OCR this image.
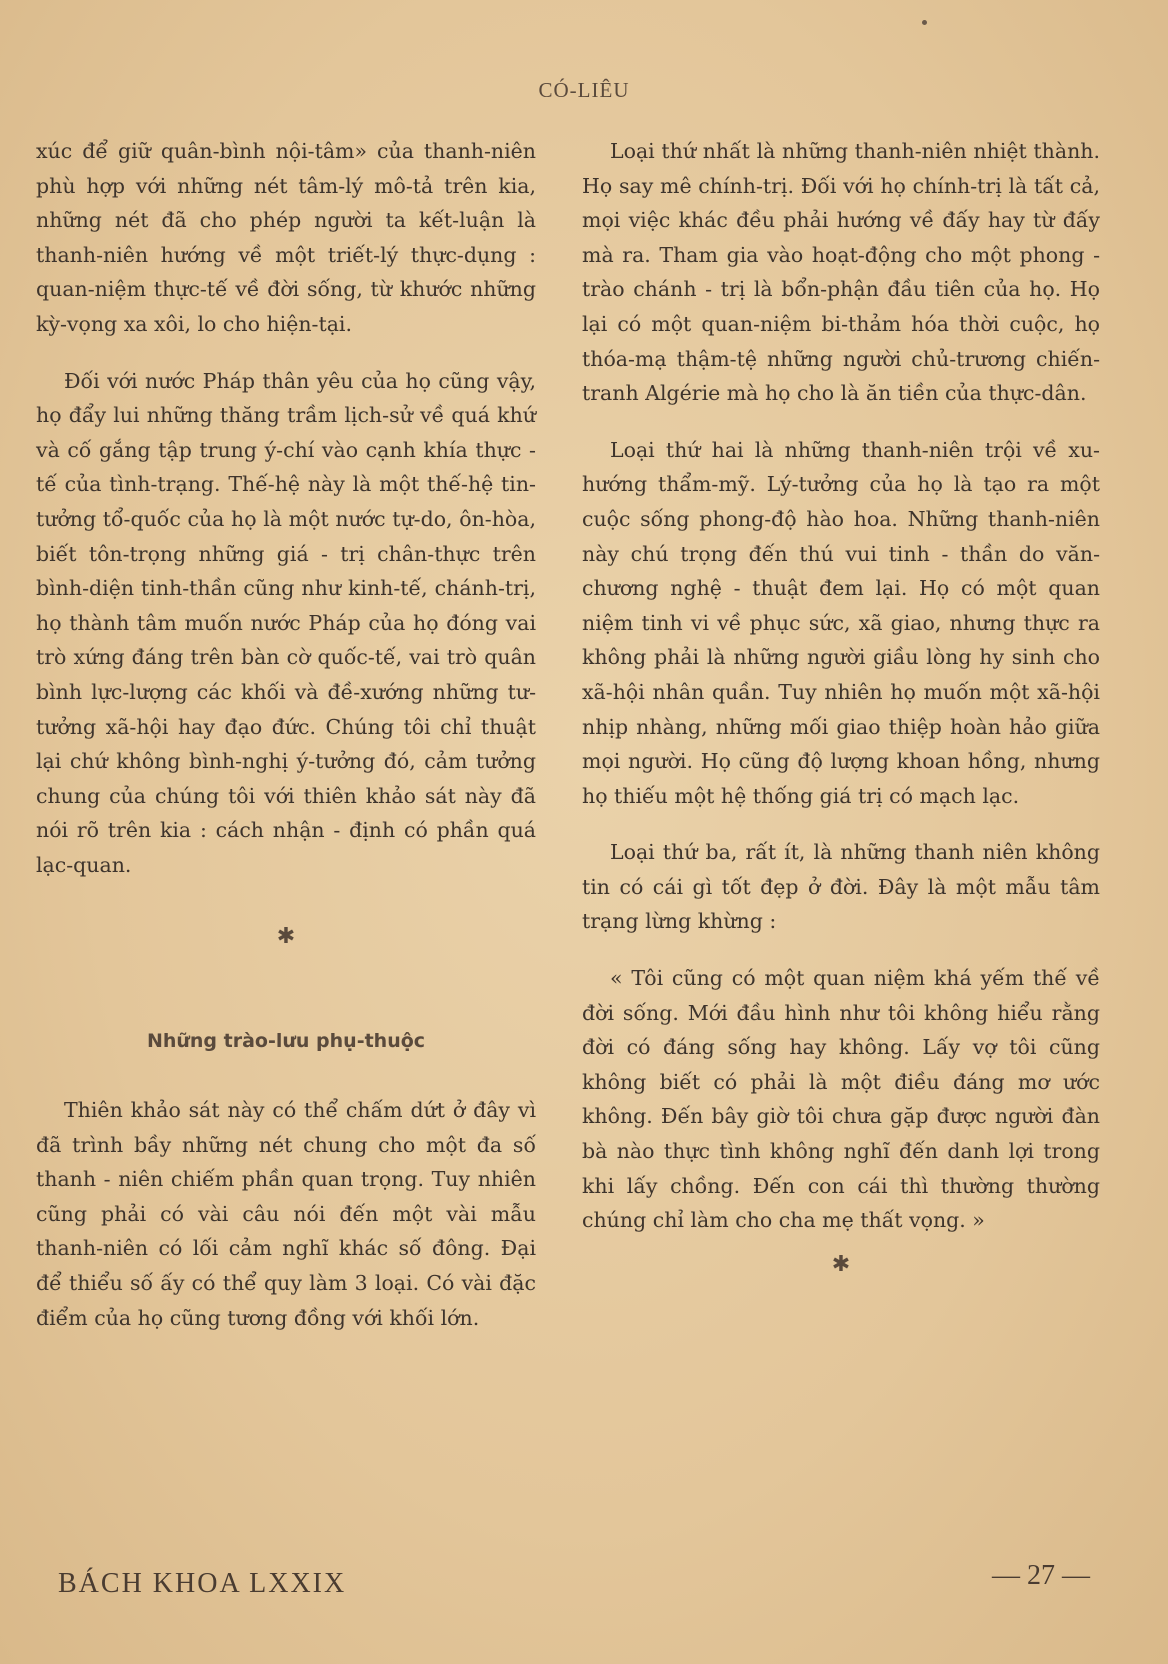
CÓ-LIÊU

xúc để giữ quân-bình nội-tâm» của thanh-niên phù hợp với những nét tâm-lý mô-tả trên kia, những nét đã cho phép người ta kết-luận là thanh-niên hướng về một triết-lý thực-dụng : quan-niệm thực-tế về đời sống, từ khước những kỳ-vọng xa xôi, lo cho hiện-tại.

Đối với nước Pháp thân yêu của họ cũng vậy, họ đẩy lui những thăng trầm lịch-sử về quá khứ và cố gắng tập trung ý-chí vào cạnh khía thực - tế của tình-trạng. Thế-hệ này là một thế-hệ tin-tưởng tổ-quốc của họ là một nước tự-do, ôn-hòa, biết tôn-trọng những giá - trị chân-thực trên bình-diện tinh-thần cũng như kinh-tế, chánh-trị, họ thành tâm muốn nước Pháp của họ đóng vai trò xứng đáng trên bàn cờ quốc-tế, vai trò quân bình lực-lượng các khối và đề-xướng những tư-tưởng xã-hội hay đạo đức. Chúng tôi chỉ thuật lại chứ không bình-nghị ý-tưởng đó, cảm tưởng chung của chúng tôi với thiên khảo sát này đã nói rõ trên kia : cách nhận - định có phần quá lạc-quan.

✱

Những trào-lưu phụ-thuộc

Thiên khảo sát này có thể chấm dứt ở đây vì đã trình bầy những nét chung cho một đa số thanh - niên chiếm phần quan trọng. Tuy nhiên cũng phải có vài câu nói đến một vài mẫu thanh-niên có lối cảm nghĩ khác số đông. Đại để thiểu số ấy có thể quy làm 3 loại. Có vài đặc điểm của họ cũng tương đồng với khối lớn.

Loại thứ nhất là những thanh-niên nhiệt thành. Họ say mê chính-trị. Đối với họ chính-trị là tất cả, mọi việc khác đều phải hướng về đấy hay từ đấy mà ra. Tham gia vào hoạt-động cho một phong - trào chánh - trị là bổn-phận đầu tiên của họ. Họ lại có một quan-niệm bi-thảm hóa thời cuộc, họ thóa-mạ thậm-tệ những người chủ-trương chiến-tranh Algérie mà họ cho là ăn tiền của thực-dân.

Loại thứ hai là những thanh-niên trội về xu-hướng thẩm-mỹ. Lý-tưởng của họ là tạo ra một cuộc sống phong-độ hào hoa. Những thanh-niên này chú trọng đến thú vui tinh - thần do văn-chương nghệ - thuật đem lại. Họ có một quan niệm tinh vi về phục sức, xã giao, nhưng thực ra không phải là những người giầu lòng hy sinh cho xã-hội nhân quần. Tuy nhiên họ muốn một xã-hội nhịp nhàng, những mối giao thiệp hoàn hảo giữa mọi người. Họ cũng độ lượng khoan hồng, nhưng họ thiếu một hệ thống giá trị có mạch lạc.

Loại thứ ba, rất ít, là những thanh niên không tin có cái gì tốt đẹp ở đời. Đây là một mẫu tâm trạng lừng khừng :

« Tôi cũng có một quan niệm khá yếm thế về đời sống. Mới đầu hình như tôi không hiểu rằng đời có đáng sống hay không. Lấy vợ tôi cũng không biết có phải là một điều đáng mơ ước không. Đến bây giờ tôi chưa gặp được người đàn bà nào thực tình không nghĩ đến danh lợi trong khi lấy chồng. Đến con cái thì thường thường chúng chỉ làm cho cha mẹ thất vọng. »

✱
BÁCH KHOA LXXIX	— 27 —
